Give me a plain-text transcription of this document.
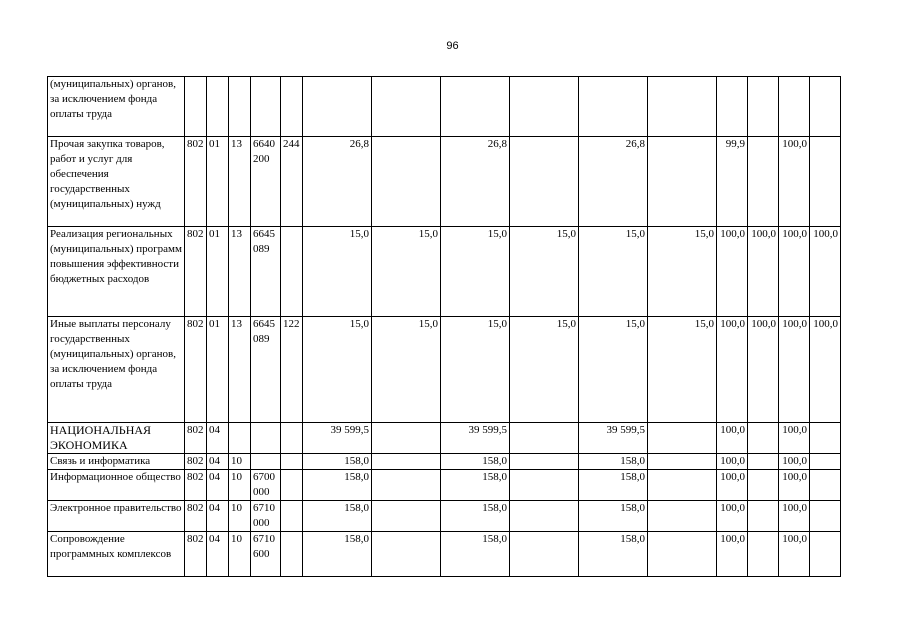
96
(муниципальных) органов, за исключением фонда оплаты труда															
Прочая закупка товаров, работ и услуг для обеспечения государственных (муниципальных) нужд	802	01	13	6640 200	244	26,8		26,8		26,8		99,9		100,0	
Реализация региональных (муниципальных) программ повышения эффективности бюджетных расходов	802	01	13	6645 089		15,0	15,0	15,0	15,0	15,0	15,0	100,0	100,0	100,0	100,0
Иные выплаты персоналу государственных (муниципальных) органов, за исключением фонда оплаты труда	802	01	13	6645 089	122	15,0	15,0	15,0	15,0	15,0	15,0	100,0	100,0	100,0	100,0
НАЦИОНАЛЬНАЯ ЭКОНОМИКА	802	04				39 599,5		39 599,5		39 599,5		100,0		100,0	
Связь и информатика	802	04	10			158,0		158,0		158,0		100,0		100,0	
Информационное общество	802	04	10	6700 000		158,0		158,0		158,0		100,0		100,0	
Электронное правительство	802	04	10	6710 000		158,0		158,0		158,0		100,0		100,0	
Сопровождение программных комплексов	802	04	10	6710 600		158,0		158,0		158,0		100,0		100,0	
